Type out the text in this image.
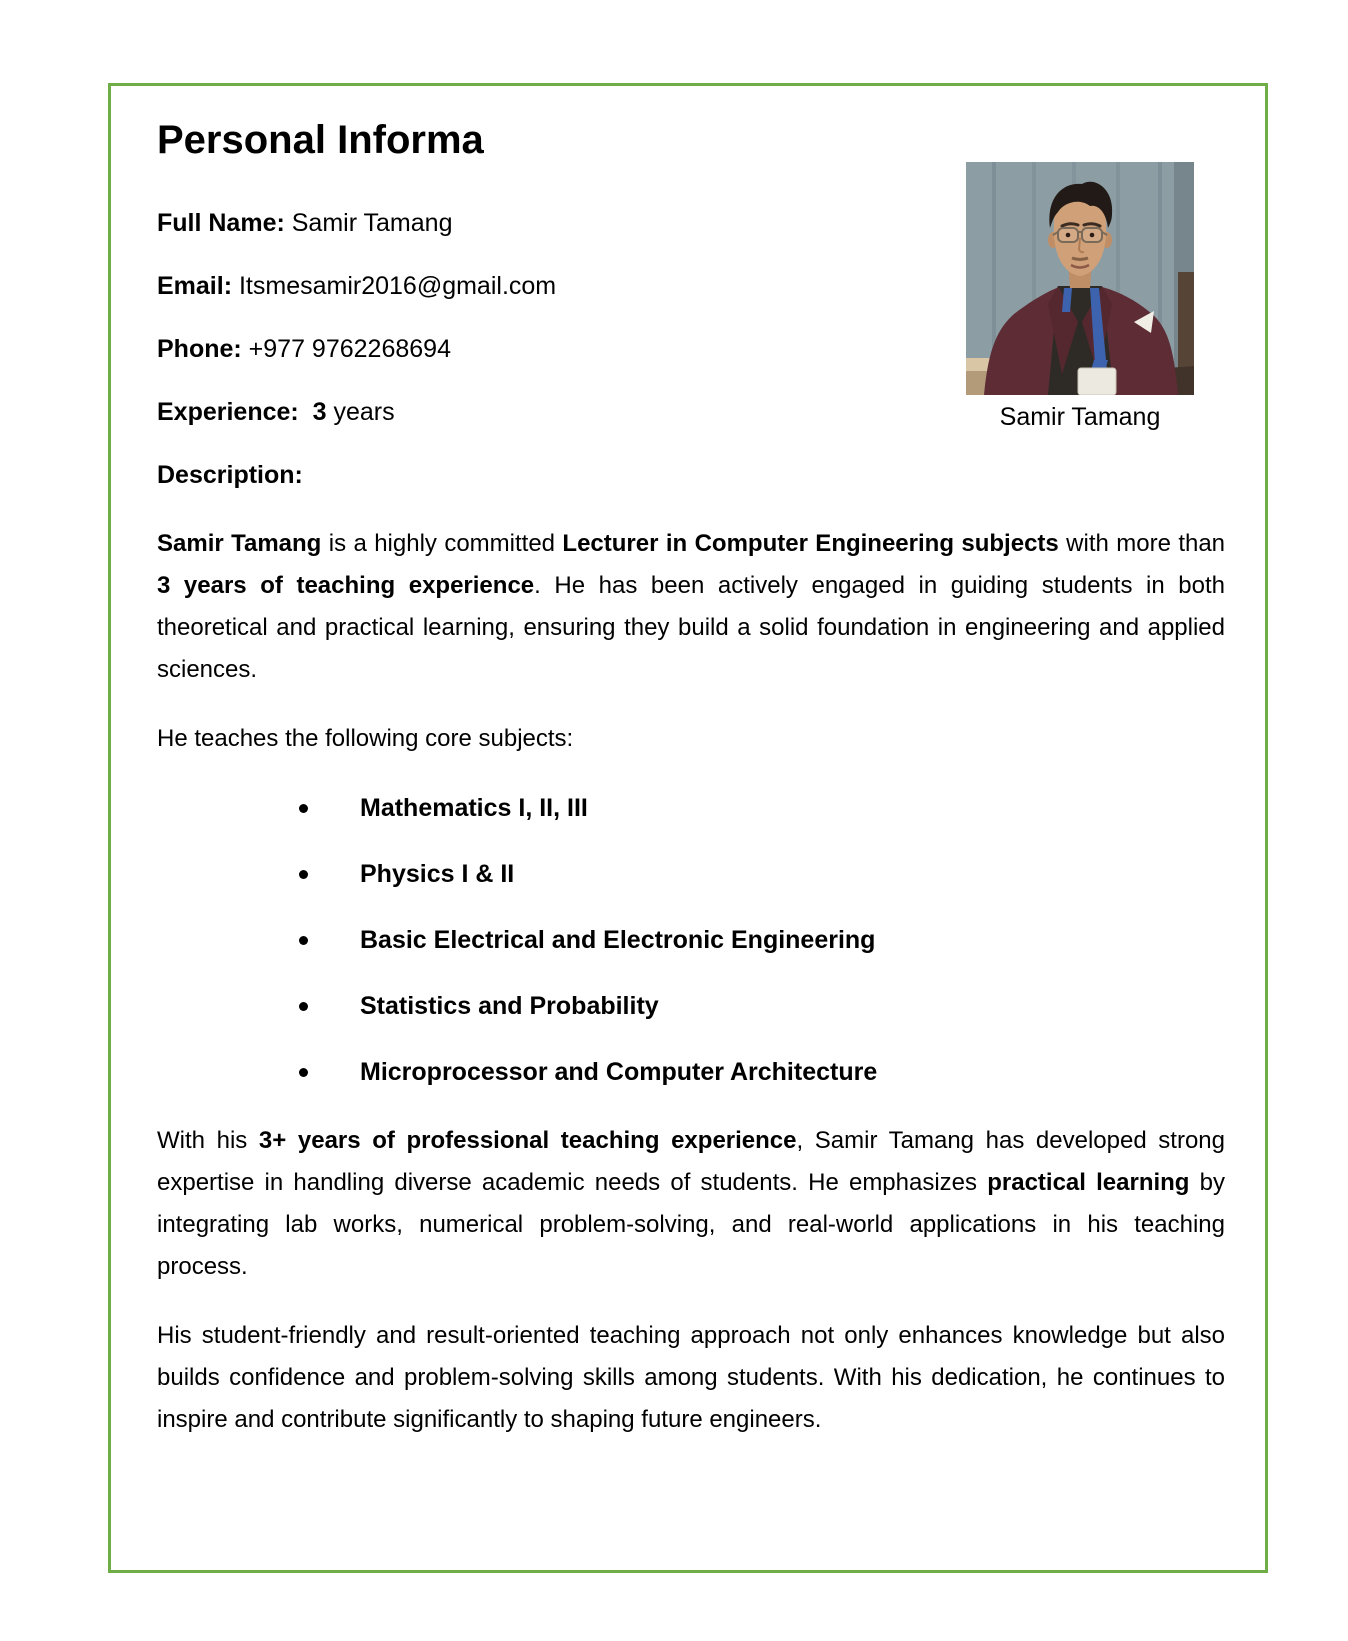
Personal Informa
Full Name: Samir Tamang
Email: Itsmesamir2016@gmail.com
Phone: +977 9762268694
Experience:  3 years
Description:

Samir Tamang is a highly committed Lecturer in Computer Engineering subjects with more than 3 years of teaching experience. He has been actively engaged in guiding students in both theoretical and practical learning, ensuring they build a solid foundation in engineering and applied sciences.

He teaches the following core subjects:

Mathematics I, II, III
Physics I & II
Basic Electrical and Electronic Engineering
Statistics and Probability
Microprocessor and Computer Architecture

With his 3+ years of professional teaching experience, Samir Tamang has developed strong expertise in handling diverse academic needs of students. He emphasizes practical learning by integrating lab works, numerical problem-solving, and real-world applications in his teaching process.

His student-friendly and result-oriented teaching approach not only enhances knowledge but also builds confidence and problem-solving skills among students. With his dedication, he continues to inspire and contribute significantly to shaping future engineers.

Samir Tamang
